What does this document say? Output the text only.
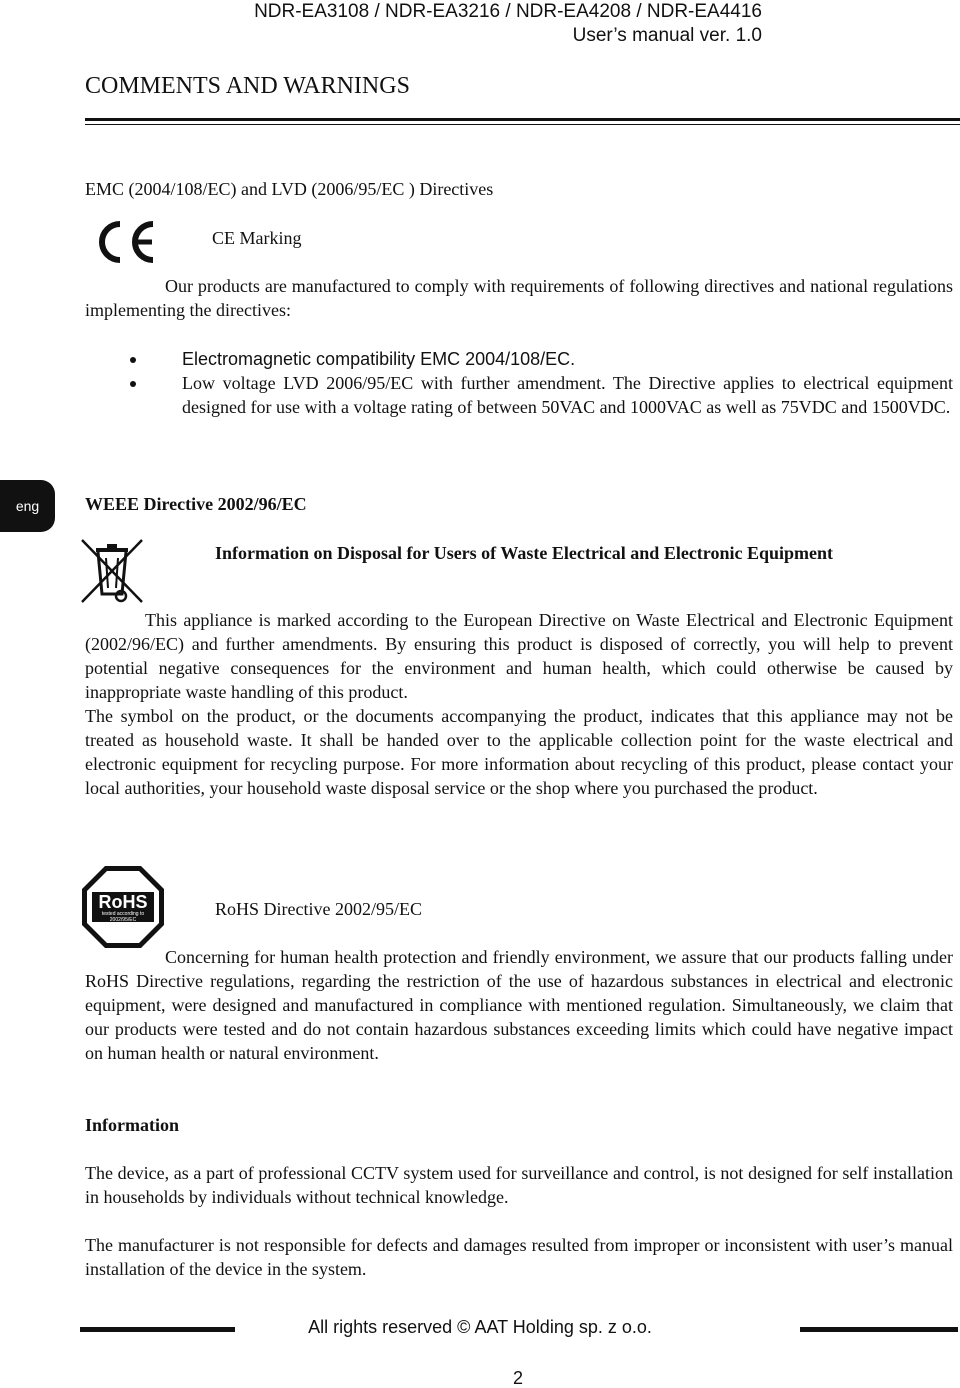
NDR-EA3108 / NDR-EA3216 / NDR-EA4208 / NDR-EA4416
User’s manual ver. 1.0
COMMENTS AND WARNINGS
EMC (2004/108/EC) and LVD (2006/95/EC ) Directives
CE Marking
Our products are manufactured to comply with requirements of following directives and national regulations implementing the directives:
Electromagnetic compatibility EMC 2004/108/EC.
Low voltage LVD 2006/95/EC with further amendment. The Directive applies to electrical equipment designed for use with a voltage rating of between 50VAC and 1000VAC as well as 75VDC and 1500VDC.
eng	WEEE Directive 2002/96/EC
Information on Disposal for Users of Waste Electrical and Electronic Equipment
This appliance is marked according to the European Directive on Waste Electrical and Electronic Equipment (2002/96/EC) and further amendments. By ensuring this product is disposed of correctly, you will help to prevent potential negative consequences for the environment and human health, which could otherwise be caused by inappropriate waste handling of this product.
The symbol on the product, or the documents accompanying the product, indicates that this appliance may not be treated as household waste. It shall be handed over to the applicable collection point for the waste electrical and electronic equipment for recycling purpose. For more information about recycling of this product, please contact your local authorities, your household waste disposal service or the shop where you purchased the product.
RoHS
tested according to 2002/95/EC
RoHS Directive 2002/95/EC
Concerning for human health protection and friendly environment, we assure that our products falling under RoHS Directive regulations, regarding the restriction of the use of hazardous substances in electrical and electronic equipment, were designed and manufactured in compliance with mentioned regulation. Simultaneously, we claim that our products were tested and do not contain hazardous substances exceeding limits which could have negative impact on human health or natural environment.
Information
The device, as a part of professional CCTV system used for surveillance and control, is not designed for self installation in households by individuals without technical knowledge.
The manufacturer is not responsible for defects and damages resulted from improper or inconsistent with user’s manual installation of the device in the system.
All rights reserved © AAT Holding sp. z o.o.
2
